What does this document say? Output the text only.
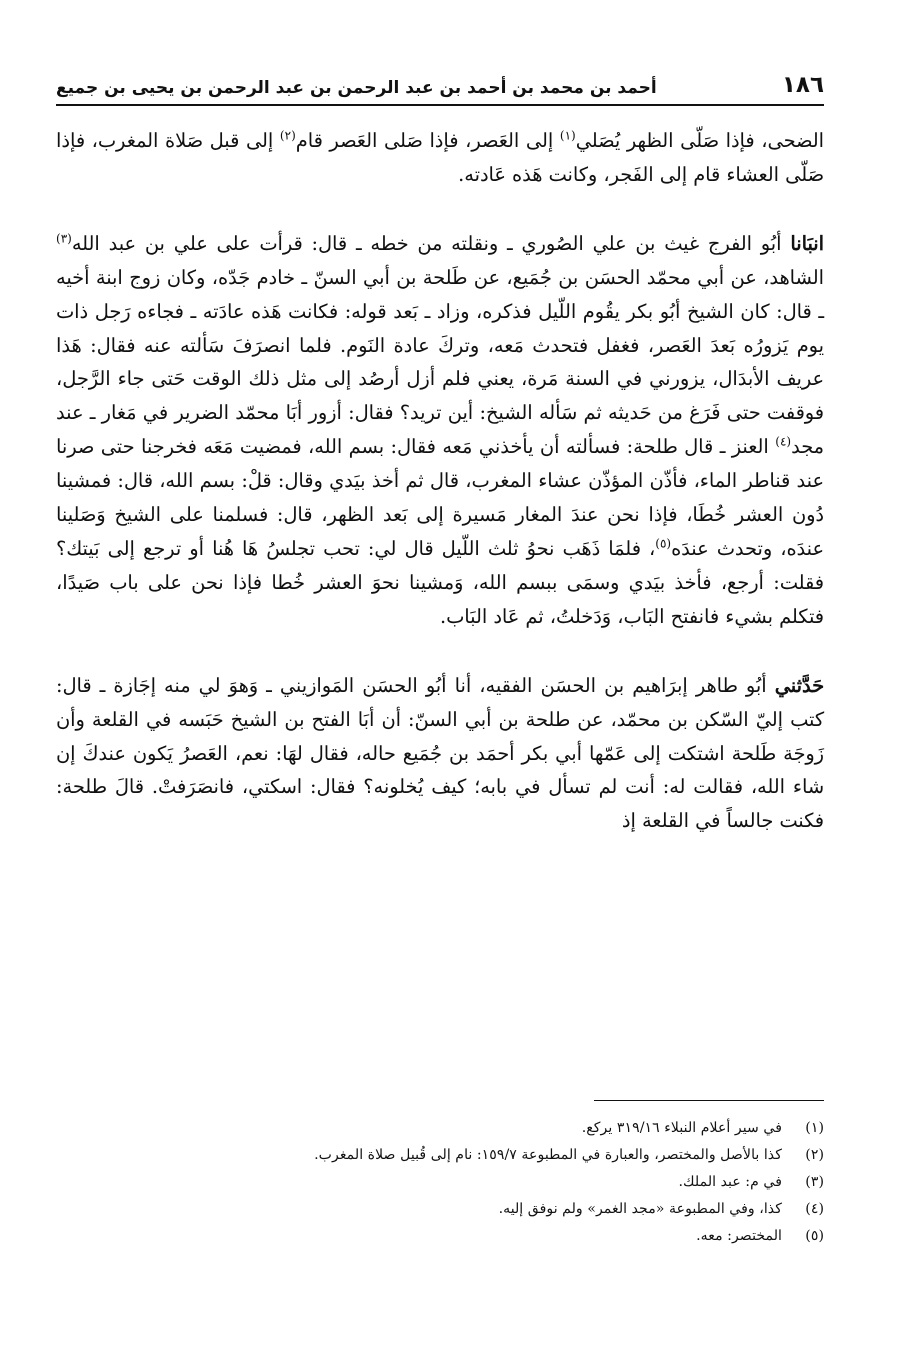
١٨٦
أحمد بن محمد بن أحمد بن عبد الرحمن بن عبد الرحمن بن يحيى بن جميع

الضحى، فإذا صَلّى الظهر يُصَلي$^{(١)}$ إلى العَصر، فإذا صَلى العَصر قام$^{(٢)}$ إلى قبل صَلاة المغرب، فإذا صَلّى العشاء قام إلى الفَجر، وكانت هَذه عَادته.

انبَانا أبُو الفرج غيث بن علي الصُوري ـ ونقلته من خطه ـ قال: قرأت على علي بن عبد الله$^{(٣)}$ الشاهد، عن أبي محمّد الحسَن بن جُمَيع، عن طَلحة بن أبي السنّ ـ خادم جَدّه، وكان زوج ابنة أخيه ـ قال: كان الشيخ أبُو بكر يقُوم اللّيل فذكره، وزاد ـ بَعد قوله: فكانت هَذه عادَته ـ فجاءه رَجل ذات يوم يَزورُه بَعدَ العَصر، فغفل فتحدث مَعه، وتركَ عادة النَوم. فلما انصرَفَ سَألته عنه فقال: هَذا عريف الأبدَال، يزورني في السنة مَرة، يعني فلم أزل أرصُد إلى مثل ذلك الوقت حَتى جاء الرَّجل، فوقفت حتى فَرَغ من حَديثه ثم سَأله الشيخ: أين تريد؟ فقال: أزور أبَا محمّد الضرير في مَغار ـ عند مجد$^{(٤)}$ العنز ـ قال طلحة: فسألته أن يأخذني مَعه فقال: بسم الله، فمضيت مَعَه فخرجنا حتى صرنا عند قناطر الماء، فأذّن المؤذّن عشاء المغرب، قال ثم أخذ بيَدي وقال: قلْ: بسم الله، قال: فمشينا دُون العشر خُطَا، فإذا نحن عندَ المغار مَسيرة إلى بَعد الظهر، قال: فسلمنا على الشيخ وَصَلينا عندَه، وتحدث عندَه$^{(٥)}$، فلمَا ذَهَب نحوُ ثلث اللّيل قال لي: تحب تجلسُ هَا هُنا أو ترجع إلى بَيتك؟ فقلت: أرجع، فأخذ بيَدي وسمَى ببسم الله، وَمشينا نحوَ العشر خُطا فإذا نحن على باب صَيدًا، فتكلم بشيء فانفتح البَاب، وَدَخلتُ، ثم عَاد البَاب.

حَدَّثني أبُو طاهر إبرَاهيم بن الحسَن الفقيه، أنا أبُو الحسَن المَوازيني ـ وَهوَ لي منه إجَازة ـ قال: كتب إليّ السّكن بن محمّد، عن طلحة بن أبي السنّ: أن أبَا الفتح بن الشيخ حَبَسه في القلعة وأن زَوجَة طَلحة اشتكت إلى عَمّها أبي بكر أحمَد بن جُمَيع حاله، فقال لهَا: نعم، العَصرُ يَكون عندكَ إن شاء الله، فقالت له: أنت لم تسأل في بابه؛ كيف يُخلونه؟ فقال: اسكتي، فانصَرَفتْ. قالَ طلحة: فكنت جالساً في القلعة إذ

(١)
في سير أعلام النبلاء ٣١٩/١٦ يركع.
(٢)
كذا بالأصل والمختصر، والعبارة في المطبوعة ١٥٩/٧: نام إلى قُبيل صلاة المغرب.
(٣)
في م: عبد الملك.
(٤)
كذا، وفي المطبوعة «مجد الغمر» ولم نوفق إليه.
(٥)
المختصر: معه.
